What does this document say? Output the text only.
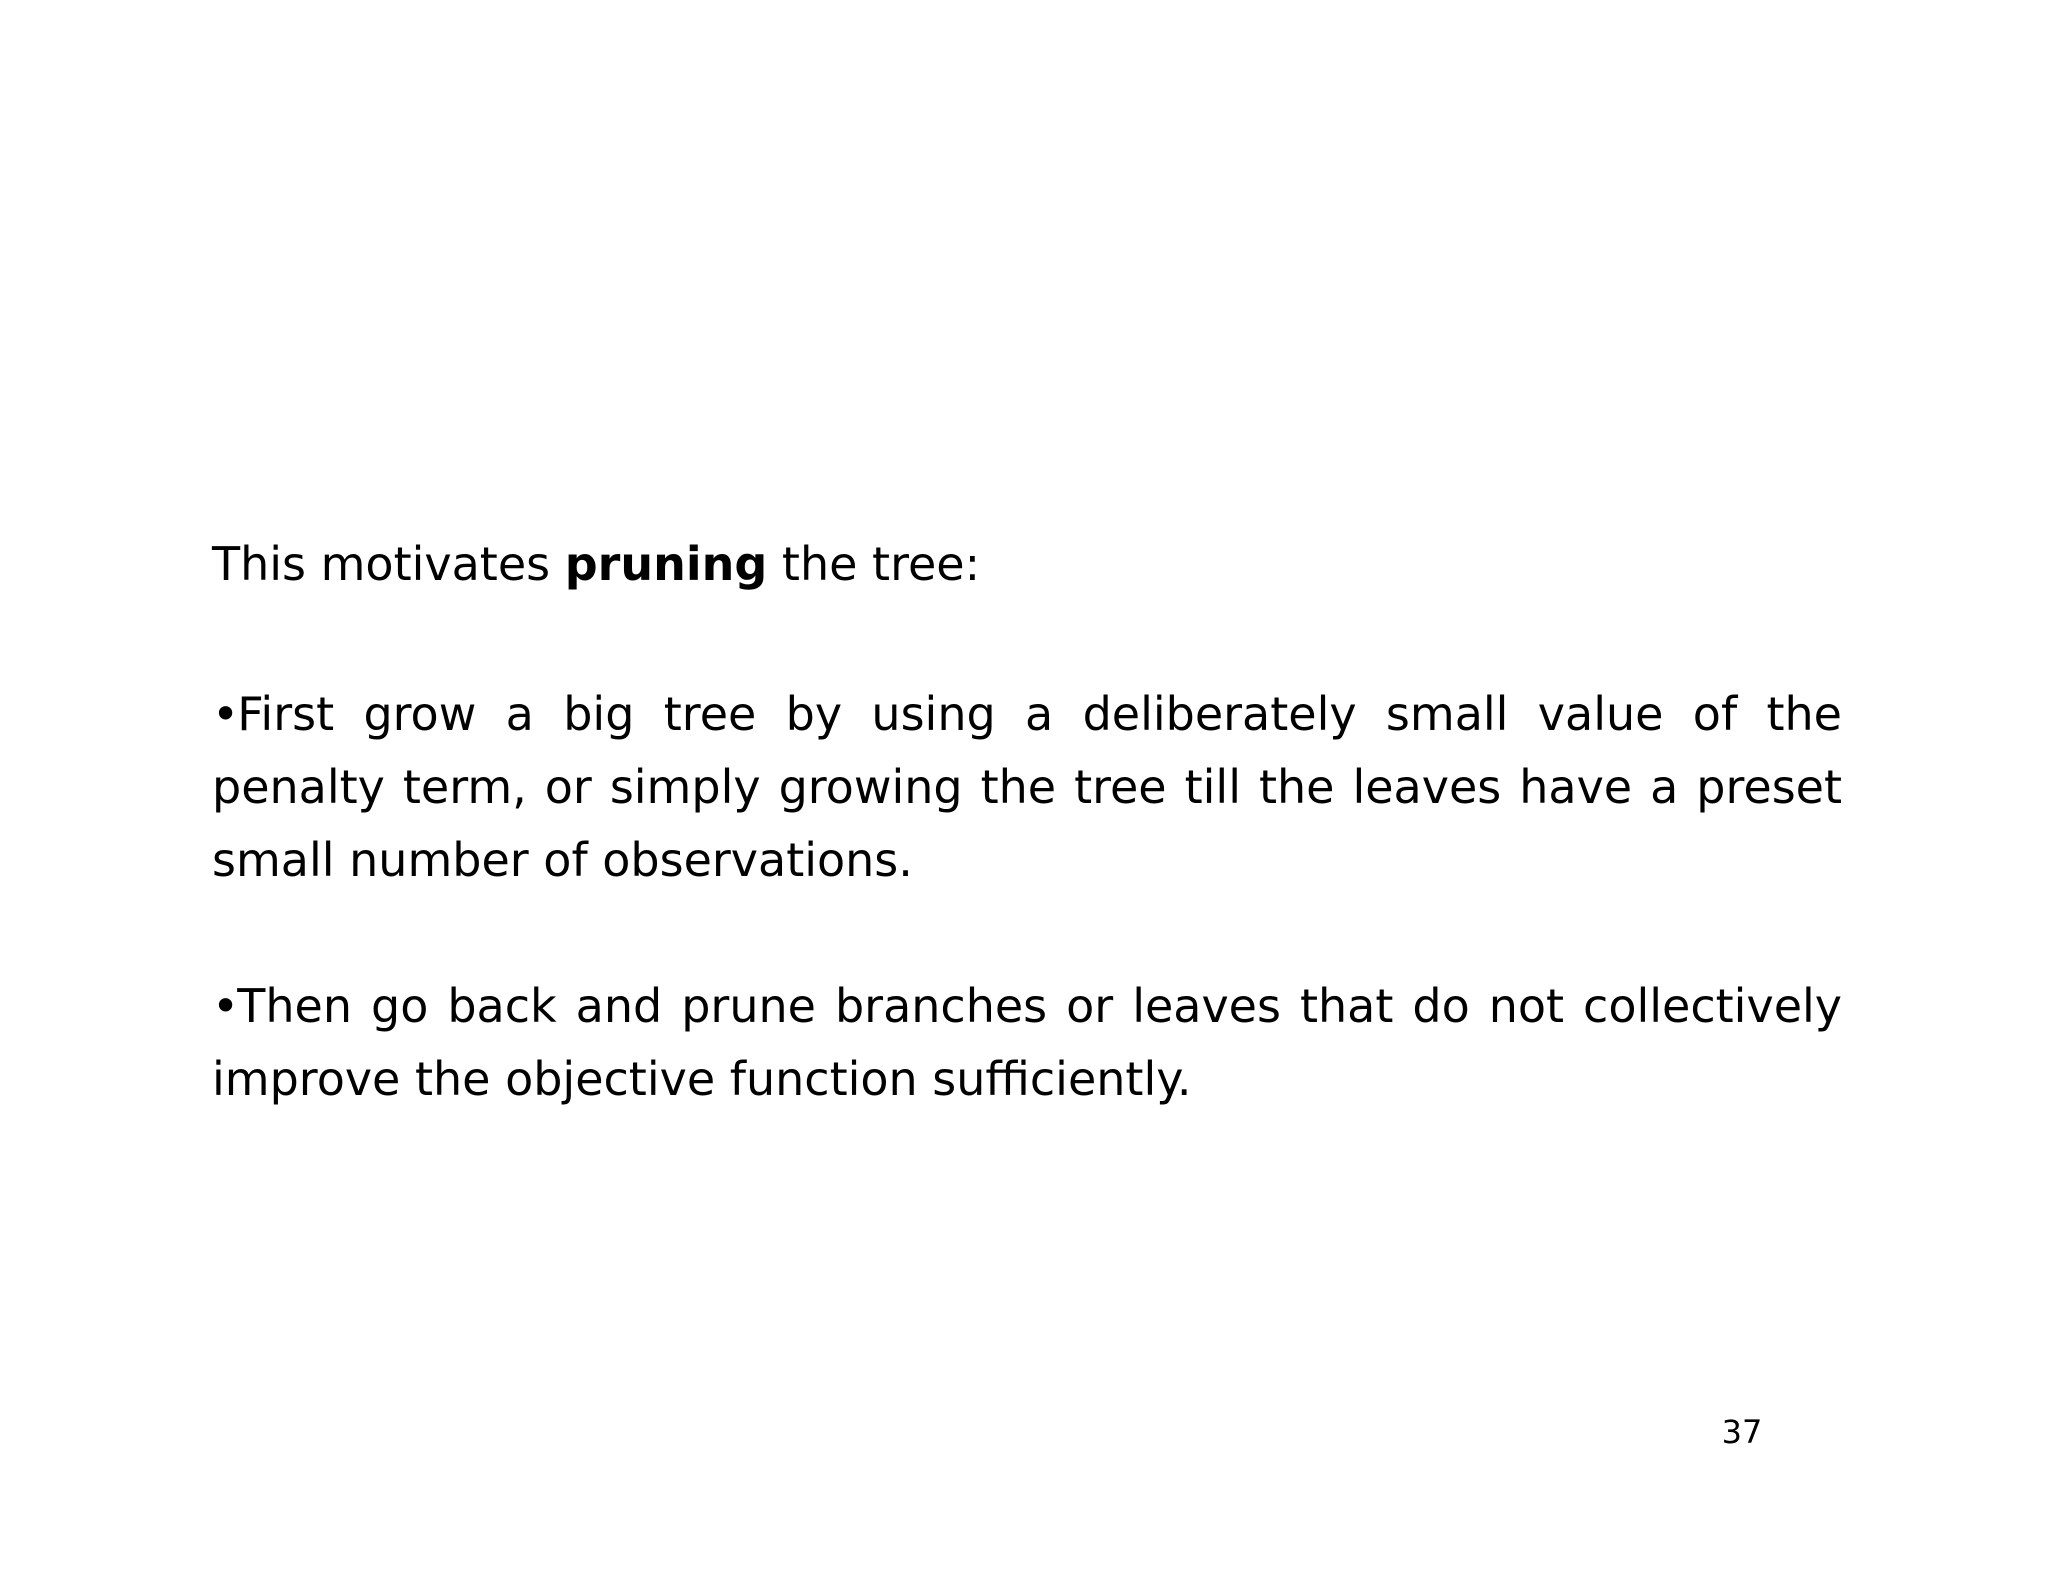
This motivates pruning the tree:

•First grow a big tree by using a deliberately small value of the penalty term, or simply growing the tree till the leaves have a preset small number of observations.

•Then go back and prune branches or leaves that do not collectively improve the objective function sufficiently.

37
